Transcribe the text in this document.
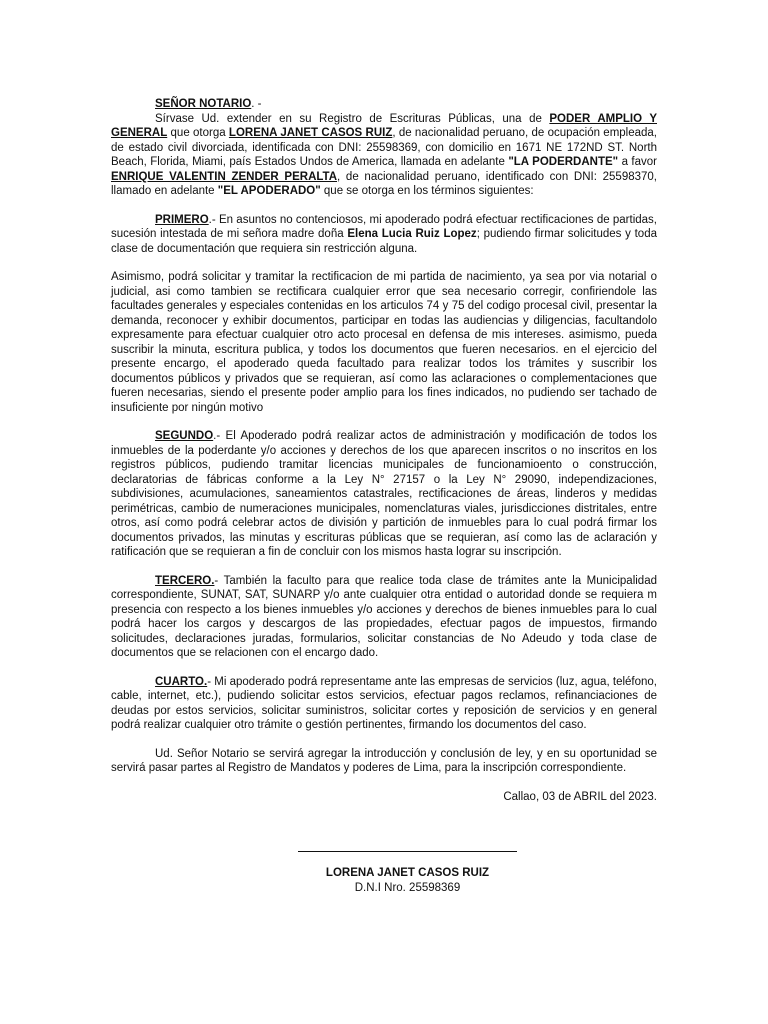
SEÑOR NOTARIO. -

Sírvase Ud. extender en su Registro de Escrituras Públicas, una de PODER AMPLIO Y GENERAL que otorga LORENA JANET CASOS RUIZ, de nacionalidad peruano, de ocupación empleada, de estado civil divorciada, identificada con DNI: 25598369, con domicilio en 1671 NE 172ND ST. North Beach, Florida, Miami, país Estados Undos de America, llamada en adelante "LA PODERDANTE" a favor ENRIQUE VALENTIN ZENDER PERALTA, de nacionalidad peruano, identificado con DNI: 25598370, llamado en adelante "EL APODERADO" que se otorga en los términos siguientes:

PRIMERO.- En asuntos no contenciosos, mi apoderado podrá efectuar rectificaciones de partidas, sucesión intestada de mi señora madre doña Elena Lucia Ruiz Lopez; pudiendo firmar solicitudes y toda clase de documentación que requiera sin restricción alguna.

Asimismo, podrá solicitar y tramitar la rectificacion de mi partida de nacimiento, ya sea por via notarial o judicial, asi como tambien se rectificara cualquier error que sea necesario corregir, confiriendole las facultades generales y especiales contenidas en los articulos 74 y 75 del codigo procesal civil, presentar la demanda, reconocer y exhibir documentos, participar en todas las audiencias y diligencias, facultandolo expresamente para efectuar cualquier otro acto procesal en defensa de mis intereses. asimismo, pueda suscribir la minuta, escritura publica, y todos los documentos que fueren necesarios. en el ejercicio del presente encargo, el apoderado queda facultado para realizar todos los trámites y suscribir los documentos públicos y privados que se requieran, así como las aclaraciones o complementaciones que fueren necesarias, siendo el presente poder amplio para los fines indicados, no pudiendo ser tachado de insuficiente por ningún motivo

SEGUNDO.- El Apoderado podrá realizar actos de administración y modificación de todos los inmuebles de la poderdante y/o acciones y derechos de los que aparecen inscritos o no inscritos en los registros públicos, pudiendo tramitar licencias municipales de funcionamioento o construcción, declaratorias de fábricas conforme a la Ley N° 27157 o la Ley N° 29090, independizaciones, subdivisiones, acumulaciones, saneamientos catastrales, rectificaciones de áreas, linderos y medidas perimétricas, cambio de numeraciones municipales, nomenclaturas viales, jurisdicciones distritales, entre otros, así como podrá celebrar actos de división y partición de inmuebles para lo cual podrá firmar los documentos privados, las minutas y escrituras públicas que se requieran, así como las de aclaración y ratificación que se requieran a fin de concluir con los mismos hasta lograr su inscripción.

TERCERO.- También la faculto para que realice toda clase de trámites ante la Municipalidad correspondiente, SUNAT, SAT, SUNARP y/o ante cualquier otra entidad o autoridad donde se requiera m presencia con respecto a los bienes inmuebles y/o acciones y derechos de bienes inmuebles para lo cual podrá hacer los cargos y descargos de las propiedades, efectuar pagos de impuestos, firmando solicitudes, declaraciones juradas, formularios, solicitar constancias de No Adeudo y toda clase de documentos que se relacionen con el encargo dado.

CUARTO.- Mi apoderado podrá representame ante las empresas de servicios (luz, agua, teléfono, cable, internet, etc.), pudiendo solicitar estos servicios, efectuar pagos reclamos, refinanciaciones de deudas por estos servicios, solicitar suministros, solicitar cortes y reposición de servicios y en general podrá realizar cualquier otro trámite o gestión pertinentes, firmando los documentos del caso.

Ud. Señor Notario se servirá agregar la introducción y conclusión de ley, y en su oportunidad se servirá pasar partes al Registro de Mandatos y poderes de Lima, para la inscripción correspondiente.

Callao, 03 de ABRIL del 2023.

LORENA JANET CASOS RUIZ
D.N.I Nro. 25598369
